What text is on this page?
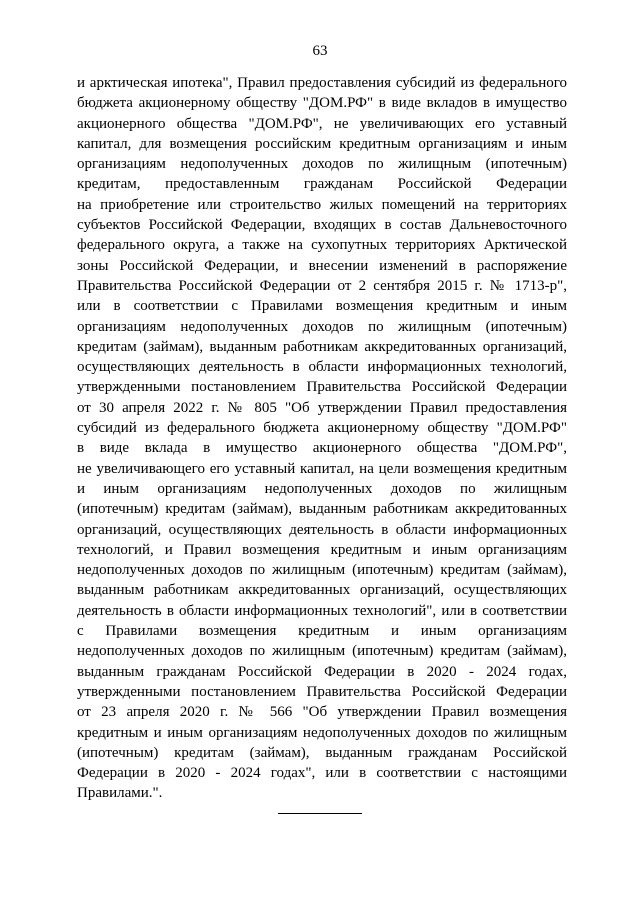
63
и арктическая ипотека", Правил предоставления субсидий из федерального
бюджета акционерному обществу "ДОМ.РФ" в виде вкладов в имущество
акционерного общества "ДОМ.РФ", не увеличивающих его уставный
капитал, для возмещения российским кредитным организациям и иным
организациям недополученных доходов по жилищным (ипотечным)
кредитам, предоставленным гражданам Российской Федерации
на приобретение или строительство жилых помещений на территориях
субъектов Российской Федерации, входящих в состав Дальневосточного
федерального округа, а также на сухопутных территориях Арктической
зоны Российской Федерации, и внесении изменений в распоряжение
Правительства Российской Федерации от 2 сентября 2015 г. № 1713-р",
или в соответствии с Правилами возмещения кредитным и иным
организациям недополученных доходов по жилищным (ипотечным)
кредитам (займам), выданным работникам аккредитованных организаций,
осуществляющих деятельность в области информационных технологий,
утвержденными постановлением Правительства Российской Федерации
от 30 апреля 2022 г. № 805 "Об утверждении Правил предоставления
субсидий из федерального бюджета акционерному обществу "ДОМ.РФ"
в виде вклада в имущество акционерного общества "ДОМ.РФ",
не увеличивающего его уставный капитал, на цели возмещения кредитным
и иным организациям недополученных доходов по жилищным
(ипотечным) кредитам (займам), выданным работникам аккредитованных
организаций, осуществляющих деятельность в области информационных
технологий, и Правил возмещения кредитным и иным организациям
недополученных доходов по жилищным (ипотечным) кредитам (займам),
выданным работникам аккредитованных организаций, осуществляющих
деятельность в области информационных технологий", или в соответствии
с Правилами возмещения кредитным и иным организациям
недополученных доходов по жилищным (ипотечным) кредитам (займам),
выданным гражданам Российской Федерации в 2020 - 2024 годах,
утвержденными постановлением Правительства Российской Федерации
от 23 апреля 2020 г. № 566 "Об утверждении Правил возмещения
кредитным и иным организациям недополученных доходов по жилищным
(ипотечным) кредитам (займам), выданным гражданам Российской
Федерации в 2020 - 2024 годах", или в соответствии с настоящими
Правилами.".
